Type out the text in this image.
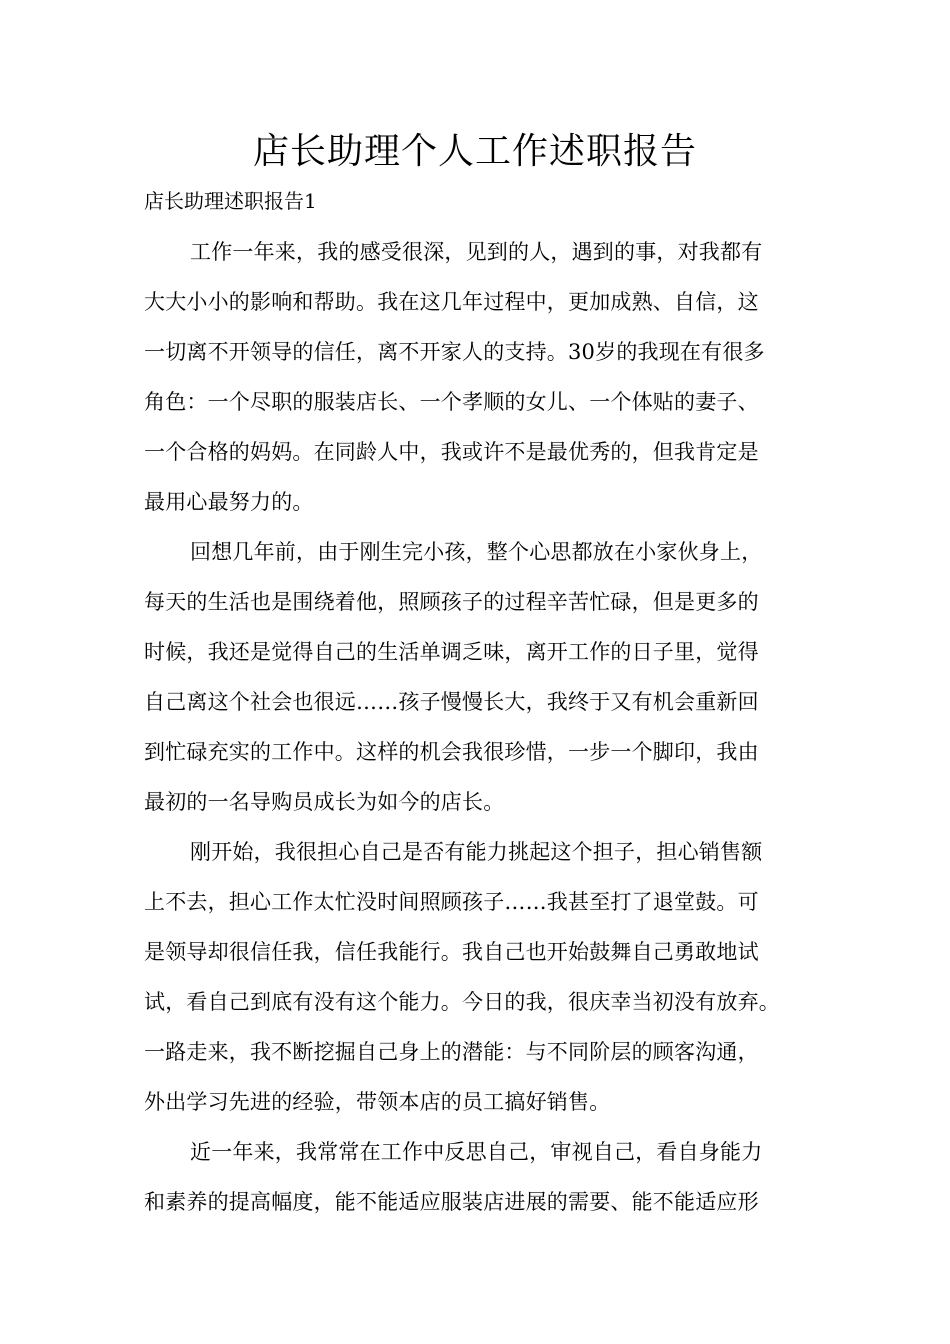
店长助理个人工作述职报告

店长助理述职报告1

工作一年来，我的感受很深，见到的人，遇到的事，对我都有
大大小小的影响和帮助。我在这几年过程中，更加成熟、自信，这
一切离不开领导的信任，离不开家人的支持。30岁的我现在有很多
角色：一个尽职的服装店长、一个孝顺的女儿、一个体贴的妻子、
一个合格的妈妈。在同龄人中，我或许不是最优秀的，但我肯定是
最用心最努力的。
回想几年前，由于刚生完小孩，整个心思都放在小家伙身上，
每天的生活也是围绕着他，照顾孩子的过程辛苦忙碌，但是更多的
时候，我还是觉得自己的生活单调乏味，离开工作的日子里，觉得
自己离这个社会也很远……孩子慢慢长大，我终于又有机会重新回
到忙碌充实的工作中。这样的机会我很珍惜，一步一个脚印，我由
最初的一名导购员成长为如今的店长。
刚开始，我很担心自己是否有能力挑起这个担子，担心销售额
上不去，担心工作太忙没时间照顾孩子……我甚至打了退堂鼓。可
是领导却很信任我，信任我能行。我自己也开始鼓舞自己勇敢地试
试，看自己到底有没有这个能力。今日的我，很庆幸当初没有放弃。
一路走来，我不断挖掘自己身上的潜能：与不同阶层的顾客沟通，
外出学习先进的经验，带领本店的员工搞好销售。
近一年来，我常常在工作中反思自己，审视自己，看自身能力
和素养的提高幅度，能不能适应服装店进展的需要、能不能适应形
